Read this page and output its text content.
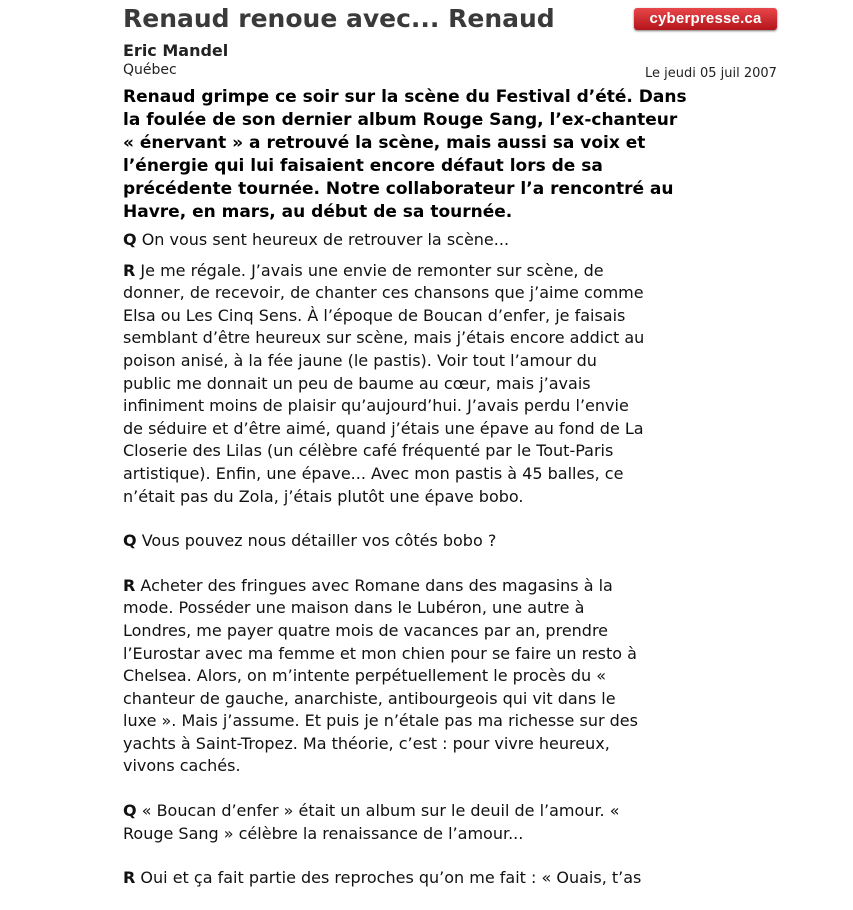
Renaud renoue avec... Renaud	cyberpresse.ca
Eric Mandel
Québec	Le jeudi 05 juil 2007
Renaud grimpe ce soir sur la scène du Festival d’été. Dans
la foulée de son dernier album Rouge Sang, l’ex-chanteur
« énervant » a retrouvé la scène, mais aussi sa voix et
l’énergie qui lui faisaient encore défaut lors de sa
précédente tournée. Notre collaborateur l’a rencontré au
Havre, en mars, au début de sa tournée.
Q On vous sent heureux de retrouver la scène...
R Je me régale. J’avais une envie de remonter sur scène, de
donner, de recevoir, de chanter ces chansons que j’aime comme
Elsa ou Les Cinq Sens. À l’époque de Boucan d’enfer, je faisais
semblant d’être heureux sur scène, mais j’étais encore addict au
poison anisé, à la fée jaune (le pastis). Voir tout l’amour du
public me donnait un peu de baume au cœur, mais j’avais
infiniment moins de plaisir qu’aujourd’hui. J’avais perdu l’envie
de séduire et d’être aimé, quand j’étais une épave au fond de La
Closerie des Lilas (un célèbre café fréquenté par le Tout-Paris
artistique). Enfin, une épave... Avec mon pastis à 45 balles, ce
n’était pas du Zola, j’étais plutôt une épave bobo.
Q Vous pouvez nous détailler vos côtés bobo ?
R Acheter des fringues avec Romane dans des magasins à la
mode. Posséder une maison dans le Lubéron, une autre à
Londres, me payer quatre mois de vacances par an, prendre
l’Eurostar avec ma femme et mon chien pour se faire un resto à
Chelsea. Alors, on m’intente perpétuellement le procès du «
chanteur de gauche, anarchiste, antibourgeois qui vit dans le
luxe ». Mais j’assume. Et puis je n’étale pas ma richesse sur des
yachts à Saint-Tropez. Ma théorie, c’est : pour vivre heureux,
vivons cachés.
Q « Boucan d’enfer » était un album sur le deuil de l’amour. «
Rouge Sang » célèbre la renaissance de l’amour...
R Oui et ça fait partie des reproches qu’on me fait : « Ouais, t’as
